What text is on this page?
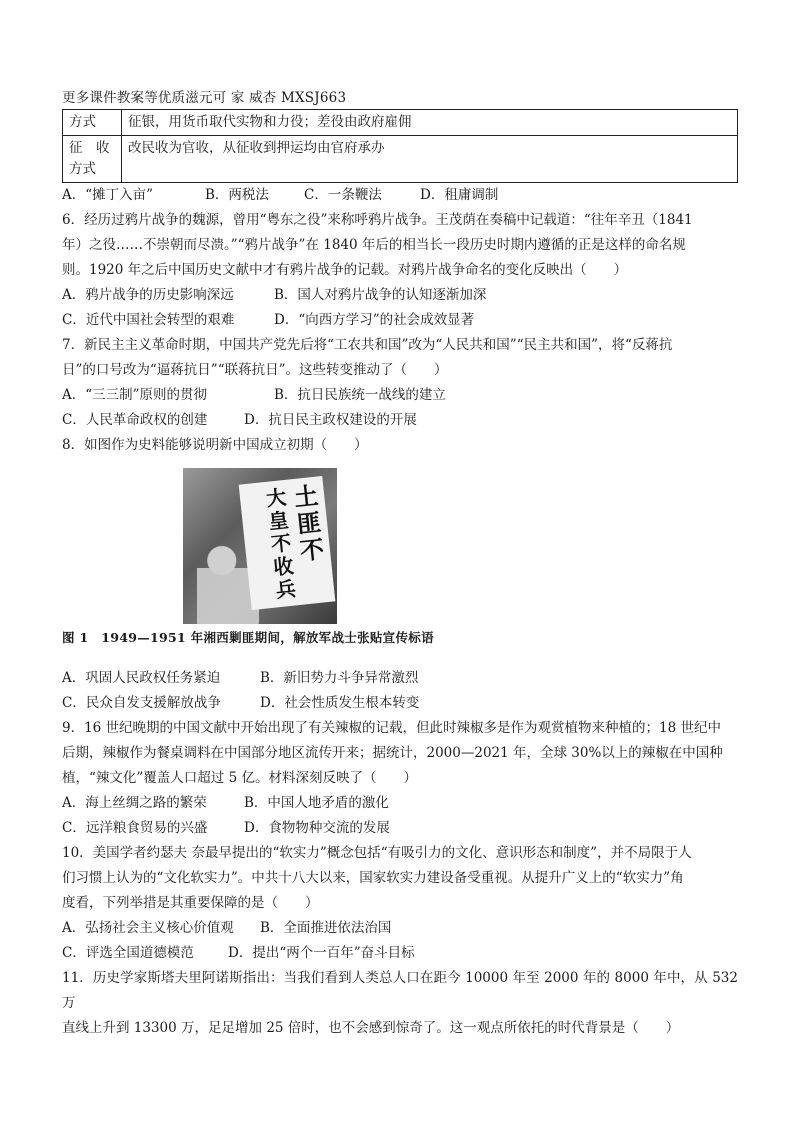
更多课件教案等优质滋元可 家 威杏 MXSJ663
方式	征银，用货币取代实物和力役；差役由政府雇佣

征　收
方式	改民收为官收，从征收到押运均由官府承办
A．“摊丁入亩”	B．两税法	C．一条鞭法	D．租庸调制
6．经历过鸦片战争的魏源，曾用“粤东之役”来称呼鸦片战争。王茂荫在奏稿中记载道：“往年辛丑（1841
年）之役……不崇朝而尽溃。”“鸦片战争”在 1840 年后的相当长一段历史时期内遵循的正是这样的命名规
则。1920 年之后中国历史文献中才有鸦片战争的记载。对鸦片战争命名的变化反映出（　　）
A．鸦片战争的历史影响深远	B．国人对鸦片战争的认知逐渐加深
C．近代中国社会转型的艰难	D．“向西方学习”的社会成效显著
7．新民主主义革命时期，中国共产党先后将“工农共和国”改为“人民共和国”“民主共和国”，将“反蒋抗
日”的口号改为“逼蒋抗日”“联蒋抗日”。这些转变推动了（　　）
A．“三三制”原则的贯彻	B．抗日民族统一战线的建立
C．人民革命政权的创建	D．抗日民主政权建设的开展
8．如图作为史料能够说明新中国成立初期（　　）
土
匪
不
大
皇
不
收
兵
图 1　1949—1951 年湘西剿匪期间，解放军战士张贴宣传标语
A．巩固人民政权任务紧迫	B．新旧势力斗争异常激烈
C．民众自发支援解放战争	D．社会性质发生根本转变
9．16 世纪晚期的中国文献中开始出现了有关辣椒的记载，但此时辣椒多是作为观赏植物来种植的；18 世纪中
后期，辣椒作为餐桌调料在中国部分地区流传开来；据统计，2000—2021 年，全球 30%以上的辣椒在中国种
植，“辣文化”覆盖人口超过 5 亿。材料深刻反映了（　　）
A．海上丝绸之路的繁荣	B．中国人地矛盾的激化
C．远洋粮食贸易的兴盛	D．食物物种交流的发展
10．美国学者约瑟夫 奈最早提出的“软实力”概念包括“有吸引力的文化、意识形态和制度”，并不局限于人
们习惯上认为的“文化软实力”。中共十八大以来，国家软实力建设备受重视。从提升广义上的“软实力”角
度看，下列举措是其重要保障的是（　　）
A．弘扬社会主义核心价值观 B．全面推进依法治国
C．评选全国道德模范	D．提出“两个一百年”奋斗目标
11．历史学家斯塔夫里阿诺斯指出：当我们看到人类总人口在距今 10000 年至 2000 年的 8000 年中，从 532 万
直线上升到 13300 万，足足增加 25 倍时，也不会感到惊奇了。这一观点所依托的时代背景是（　　）
